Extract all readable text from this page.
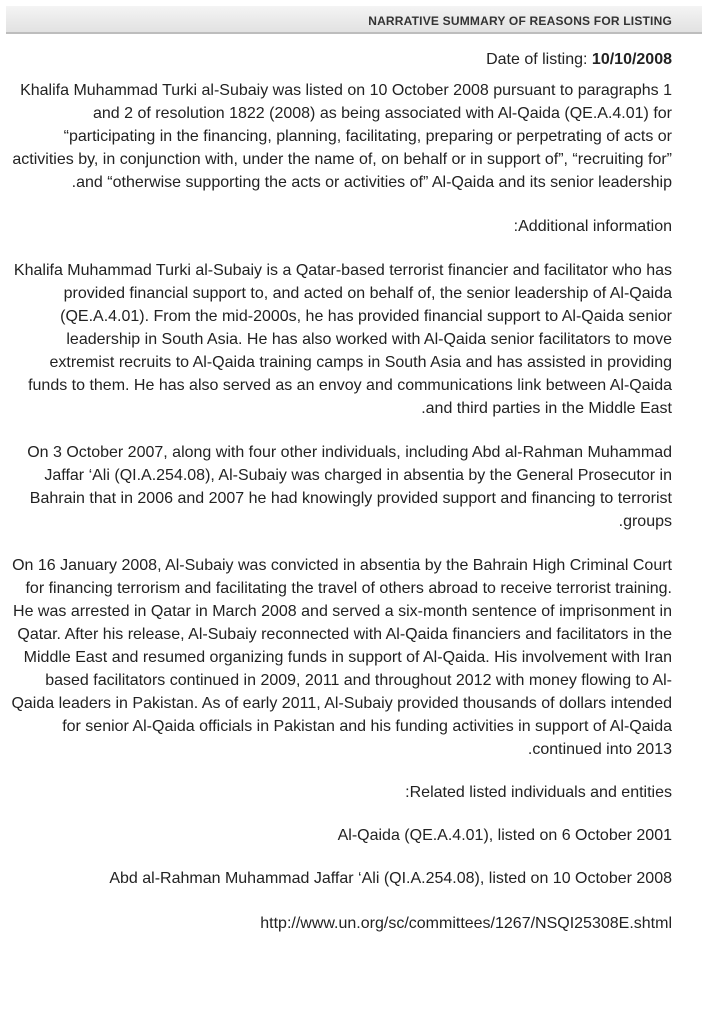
NARRATIVE SUMMARY OF REASONS FOR LISTING
Date of listing: 10/10/2008

Khalifa Muhammad Turki al-Subaiy was listed on 10 October 2008 pursuant to paragraphs 1 and 2 of resolution 1822 (2008) as being associated with Al-Qaida (QE.A.4.01) for “participating in the financing, planning, facilitating, preparing or perpetrating of acts or activities by, in conjunction with, under the name of, on behalf or in support of”, “recruiting for” and “otherwise supporting the acts or activities of” Al-Qaida and its senior leadership.

Additional information:

Khalifa Muhammad Turki al-Subaiy is a Qatar-based terrorist financier and facilitator who has provided financial support to, and acted on behalf of, the senior leadership of Al-Qaida (QE.A.4.01). From the mid-2000s, he has provided financial support to Al-Qaida senior leadership in South Asia. He has also worked with Al-Qaida senior facilitators to move extremist recruits to Al-Qaida training camps in South Asia and has assisted in providing funds to them. He has also served as an envoy and communications link between Al-Qaida and third parties in the Middle East.

On 3 October 2007, along with four other individuals, including Abd al-Rahman Muhammad Jaffar ‘Ali (QI.A.254.08), Al-Subaiy was charged in absentia by the General Prosecutor in Bahrain that in 2006 and 2007 he had knowingly provided support and financing to terrorist groups.

On 16 January 2008, Al-Subaiy was convicted in absentia by the Bahrain High Criminal Court for financing terrorism and facilitating the travel of others abroad to receive terrorist training. He was arrested in Qatar in March 2008 and served a six-month sentence of imprisonment in Qatar. After his release, Al-Subaiy reconnected with Al-Qaida financiers and facilitators in the Middle East and resumed organizing funds in support of Al-Qaida. His involvement with Iran based facilitators continued in 2009, 2011 and throughout 2012 with money flowing to Al-Qaida leaders in Pakistan. As of early 2011, Al-Subaiy provided thousands of dollars intended for senior Al-Qaida officials in Pakistan and his funding activities in support of Al-Qaida continued into 2013.

Related listed individuals and entities:

Al-Qaida (QE.A.4.01), listed on 6 October 2001

Abd al-Rahman Muhammad Jaffar ‘Ali (QI.A.254.08), listed on 10 October 2008

http://www.un.org/sc/committees/1267/NSQI25308E.shtml
